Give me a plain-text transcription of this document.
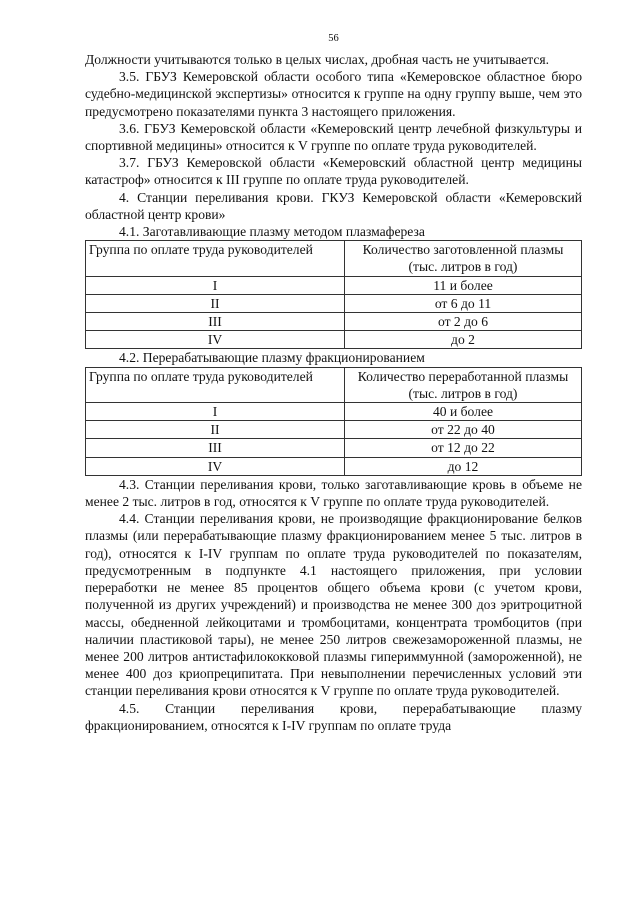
56

Должности учитываются только в целых числах, дробная часть не учитывается.

3.5. ГБУЗ Кемеровской области особого типа «Кемеровское областное бюро судебно-медицинской экспертизы» относится к группе на одну группу выше, чем это предусмотрено показателями пункта 3 настоящего приложения.

3.6. ГБУЗ Кемеровской области «Кемеровский центр лечебной физкультуры и спортивной медицины» относится к V группе по оплате труда руководителей.

3.7. ГБУЗ Кемеровской области «Кемеровский областной центр медицины катастроф» относится к III группе по оплате труда руководителей.

4. Станции переливания крови. ГКУЗ Кемеровской области «Кемеровский областной центр крови»

4.1. Заготавливающие плазму методом плазмафереза
Группа по оплате труда руководителей	Количество заготовленной плазмы
(тыс. литров в год)

I	11 и более
II	от 6 до 11
III	от 2 до 6
IV	до 2
4.2. Перерабатывающие плазму фракционированием
Группа по оплате труда руководителей	Количество переработанной плазмы
(тыс. литров в год)

I	40 и более
II	от 22 до 40
III	от 12 до 22
IV	до 12

4.3. Станции переливания крови, только заготавливающие кровь в объеме не менее 2 тыс. литров в год, относятся к V группе по оплате труда руководителей.

4.4. Станции переливания крови, не производящие фракционирование белков плазмы (или перерабатывающие плазму фракционированием менее 5 тыс. литров в год), относятся к I-IV группам по оплате труда руководителей по показателям, предусмотренным в подпункте 4.1 настоящего приложения, при условии переработки не менее 85 процентов общего объема крови (с учетом крови, полученной из других учреждений) и производства не менее 300 доз эритроцитной массы, обедненной лейкоцитами и тромбоцитами, концентрата тромбоцитов (при наличии пластиковой тары), не менее 250 литров свежезамороженной плазмы, не менее 200 литров антистафилококковой плазмы гипериммунной (замороженной), не менее 400 доз криопреципитата. При невыполнении перечисленных условий эти станции переливания крови относятся к V группе по оплате труда руководителей.

4.5. Станции переливания крови, перерабатывающие плазму фракционированием, относятся к I-IV группам по оплате труда
